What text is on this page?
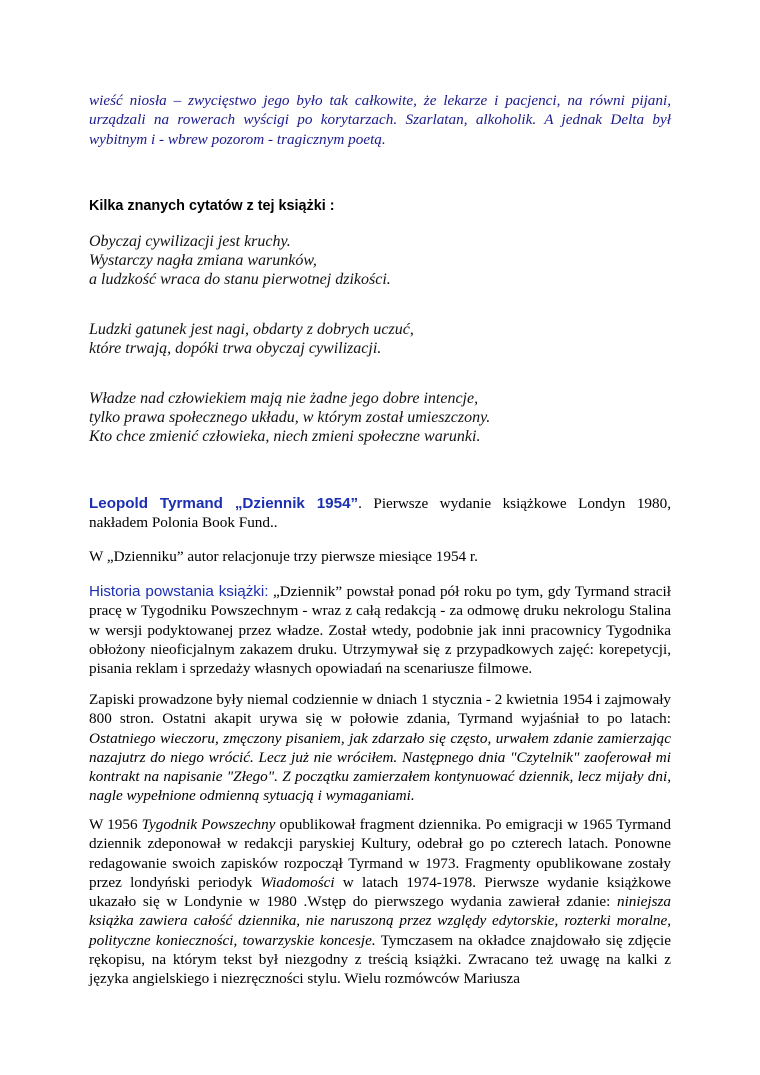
wieść niosła – zwycięstwo jego było tak całkowite, że lekarze i pacjenci, na równi pijani, urządzali na rowerach wyścigi po korytarzach. Szarlatan, alkoholik. A jednak Delta był wybitnym i - wbrew pozorom - tragicznym poetą.

Kilka znanych cytatów z tej książki :
Obyczaj cywilizacji jest kruchy.
Wystarczy nagła zmiana warunków,
a ludzkość wraca do stanu pierwotnej dzikości.
Ludzki gatunek jest nagi, obdarty z dobrych uczuć,
które trwają, dopóki trwa obyczaj cywilizacji.
Władze nad człowiekiem mają nie żadne jego dobre intencje,
tylko prawa społecznego układu, w którym został umieszczony.
Kto chce zmienić człowieka, niech zmieni społeczne warunki.

Leopold Tyrmand „Dziennik 1954”. Pierwsze wydanie książkowe Londyn 1980, nakładem Polonia Book Fund..

W „Dzienniku” autor relacjonuje trzy pierwsze miesiące 1954 r.

Historia powstania książki: „Dziennik” powstał ponad pół roku po tym, gdy Tyrmand stracił pracę w Tygodniku Powszechnym - wraz z całą redakcją - za odmowę druku nekrologu Stalina w wersji podyktowanej przez władze. Został wtedy, podobnie jak inni pracownicy Tygodnika obłożony nieoficjalnym zakazem druku. Utrzymywał się z przypadkowych zajęć: korepetycji, pisania reklam i sprzedaży własnych opowiadań na scenariusze filmowe.

Zapiski prowadzone były niemal codziennie w dniach 1 stycznia - 2 kwietnia 1954 i zajmowały 800 stron. Ostatni akapit urywa się w połowie zdania, Tyrmand wyjaśniał to po latach: Ostatniego wieczoru, zmęczony pisaniem, jak zdarzało się często, urwałem zdanie zamierzając nazajutrz do niego wrócić. Lecz już nie wróciłem. Następnego dnia "Czytelnik" zaoferował mi kontrakt na napisanie "Złego". Z początku zamierzałem kontynuować dziennik, lecz mijały dni, nagle wypełnione odmienną sytuacją i wymaganiami.

W 1956 Tygodnik Powszechny opublikował fragment dziennika. Po emigracji w 1965 Tyrmand dziennik zdeponował w redakcji paryskiej Kultury, odebrał go po czterech latach. Ponowne redagowanie swoich zapisków rozpoczął Tyrmand w 1973. Fragmenty opublikowane zostały przez londyński periodyk Wiadomości w latach 1974-1978. Pierwsze wydanie książkowe ukazało się w Londynie w 1980 .Wstęp do pierwszego wydania zawierał zdanie: niniejsza książka zawiera całość dziennika, nie naruszoną przez względy edytorskie, rozterki moralne, polityczne konieczności, towarzyskie koncesje. Tymczasem na okładce znajdowało się zdjęcie rękopisu, na którym tekst był niezgodny z treścią książki. Zwracano też uwagę na kalki z języka angielskiego i niezręczności stylu. Wielu rozmówców Mariusza
